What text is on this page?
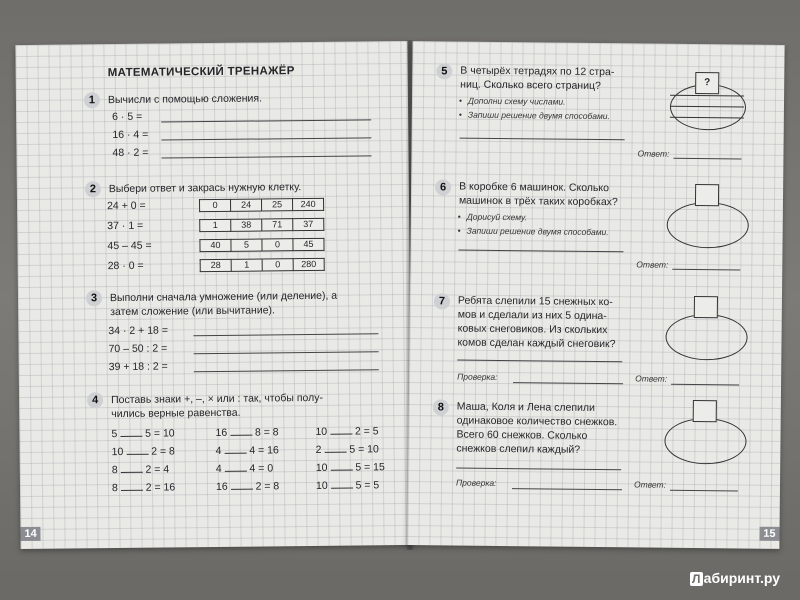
МАТЕМАТИЧЕСКИЙ ТРЕНАЖЁР
1	Вычисли с помощью сложения.
6 · 5 =
16 · 4 =
48 · 2 =
2	Выбери ответ и закрась нужную клетку.
24 + 0 =	0	24	25	240
37 · 1 =	1	38	71	37
45 – 45 =	40	5	0	45
28 · 0 =	28	1	0	280
3	Выполни сначала умножение (или деление), а
затем сложение (или вычитание).
34 · 2 + 18 =
70 – 50 : 2 =
39 + 18 : 2 =
4	Поставь знаки +, –, × или : так, чтобы полу-
чились верные равенства.
5	5 = 10
10	2 = 8
8	2 = 4
8	2 = 16
16	8 = 8
4	4 = 16
4	4 = 0
16	2 = 8
10	2 = 5
2	5 = 10
10	5 = 15
10	5 = 5
14
5	В четырёх тетрадях по 12 стра-
ниц. Сколько всего страниц?
• Дополни схему числами.
• Запиши решение двумя способами.
Ответ:
?
6	В коробке 6 машинок. Сколько
машинок в трёх таких коробках?
• Дорисуй схему.
• Запиши решение двумя способами.
Ответ:
7	Ребята слепили 15 снежных ко-
мов и сделали из них 5 одина-
ковых снеговиков. Из скольких
комов сделан каждый снеговик?
Проверка:	Ответ:
8	Маша, Коля и Лена слепили
одинаковое количество снежков.
Всего 60 снежков. Сколько
снежков слепил каждый?
Проверка:	Ответ:
15
Л абиринт.ру
